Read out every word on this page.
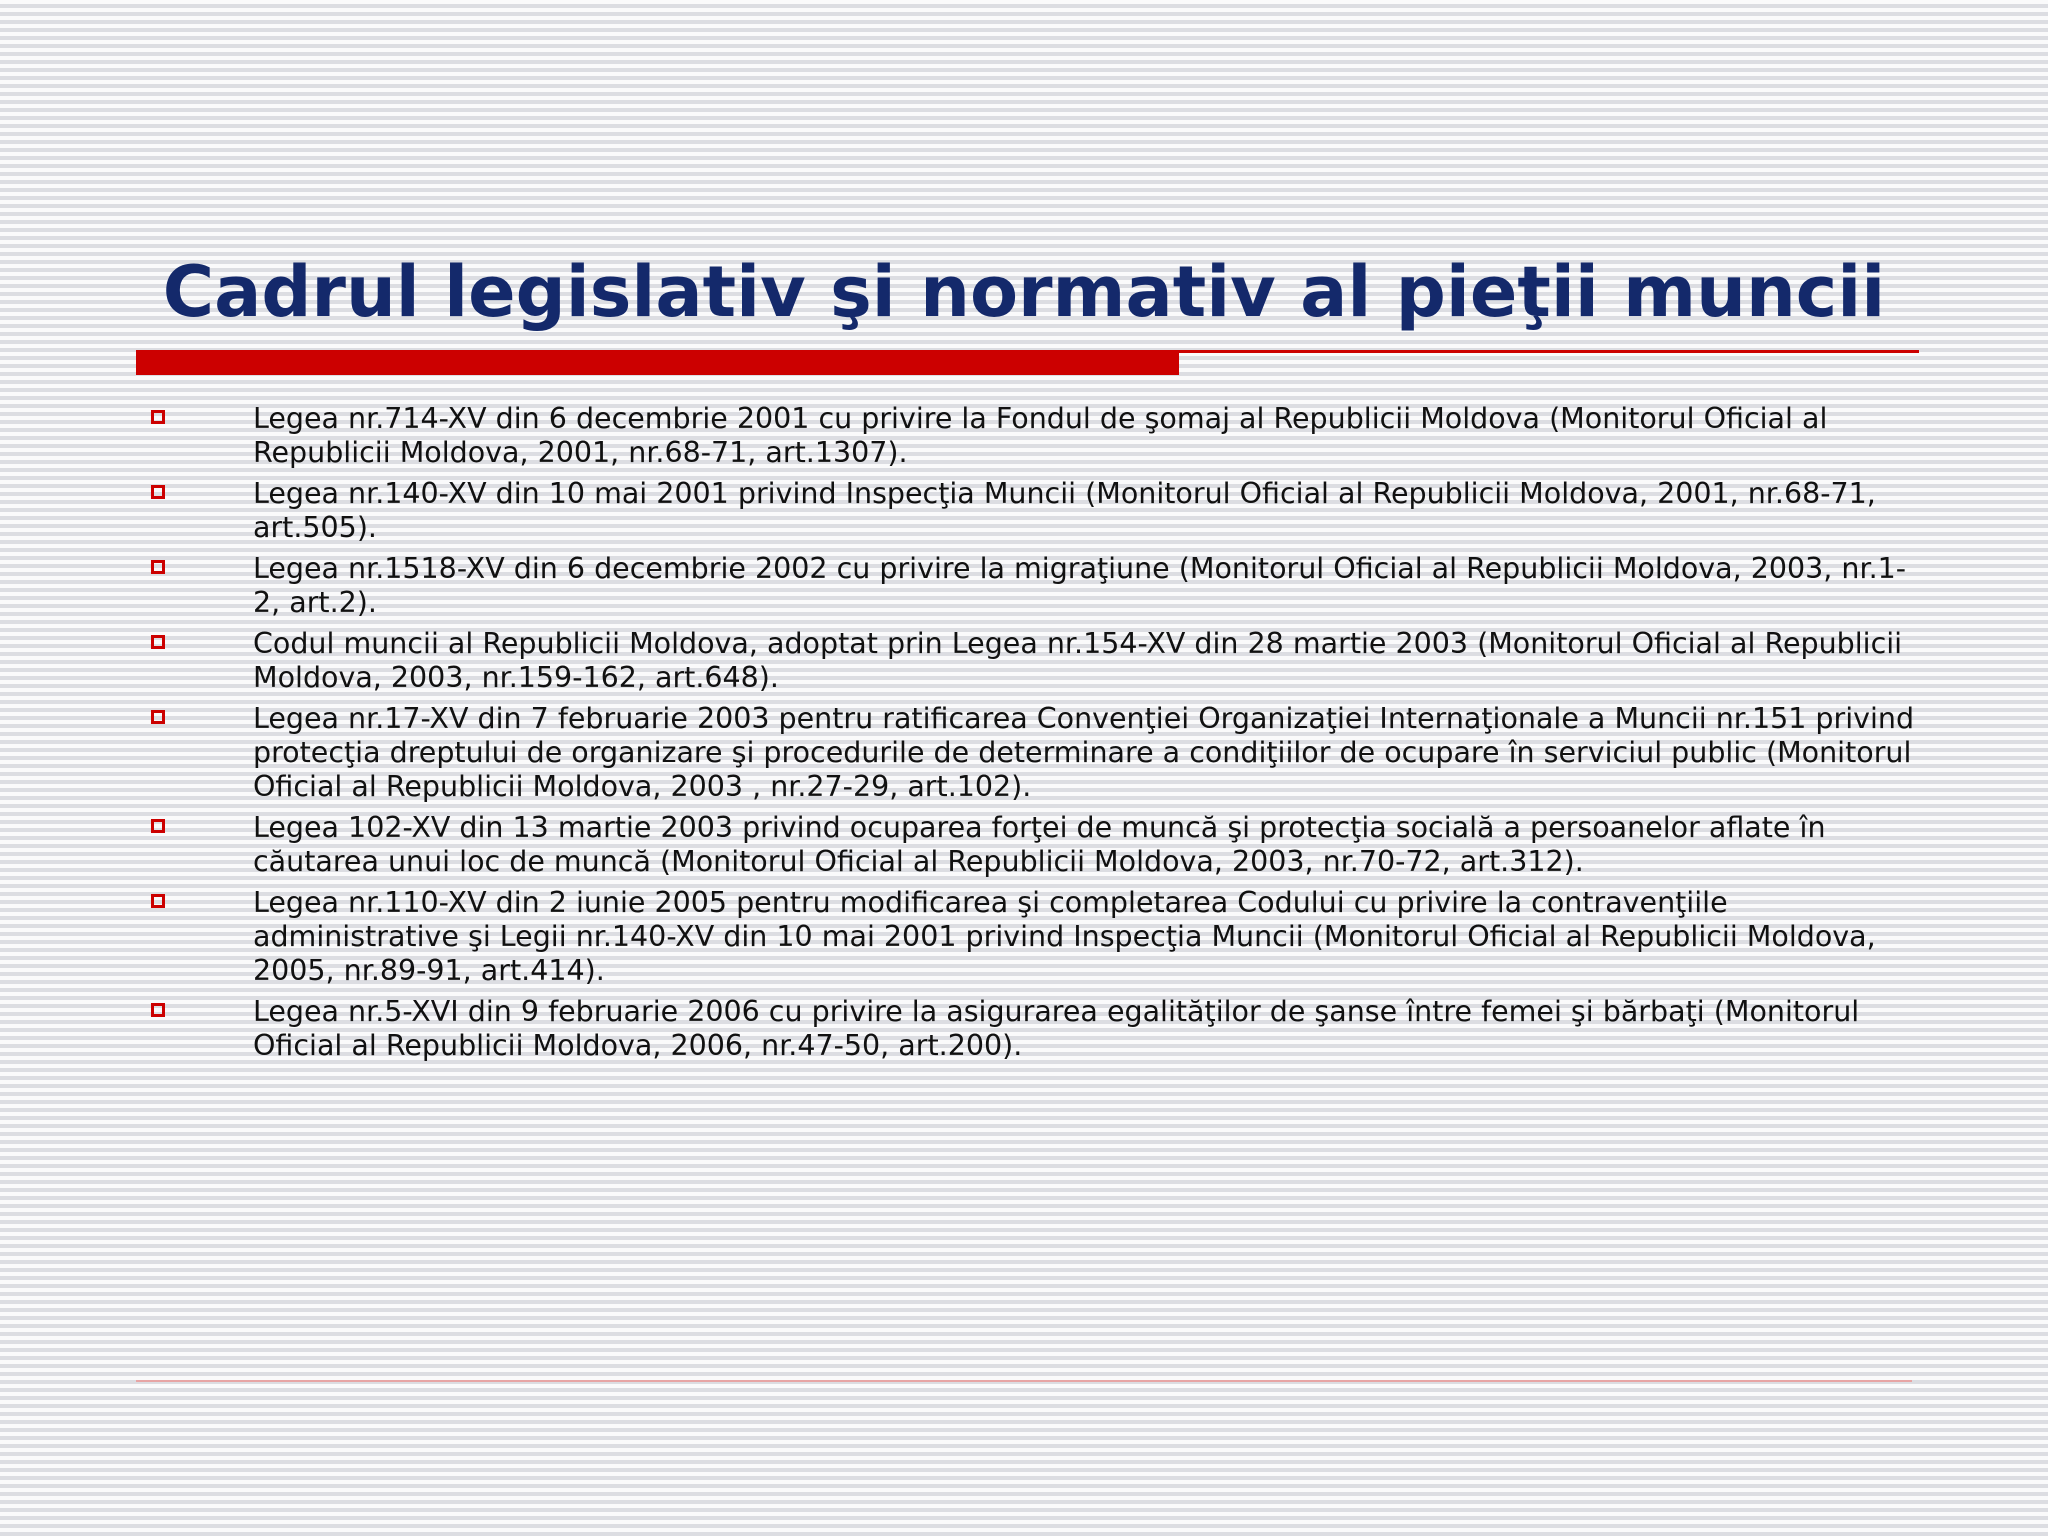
Cadrul legislativ şi normativ al pieţii muncii
Legea nr.714-XV din 6 decembrie 2001 cu privire la Fondul de şomaj al Republicii Moldova (Monitorul Oficial al Republicii Moldova, 2001, nr.68-71, art.1307).
Legea nr.140-XV din 10 mai 2001 privind Inspecţia Muncii (Monitorul Oficial al Republicii Moldova, 2001, nr.68-71, art.505).
Legea nr.1518-XV din 6 decembrie 2002 cu privire la migraţiune (Monitorul Oficial al Republicii Moldova, 2003, nr.1-2, art.2).
Codul muncii al Republicii Moldova, adoptat prin Legea nr.154-XV din 28 martie 2003 (Monitorul Oficial al Republicii Moldova, 2003, nr.159-162, art.648).
Legea nr.17-XV din 7 februarie 2003 pentru ratificarea Convenţiei Organizaţiei Internaţionale a Muncii nr.151 privind protecţia dreptului de organizare şi procedurile de determinare a condiţiilor de ocupare în serviciul public (Monitorul Oficial al Republicii Moldova, 2003 , nr.27-29, art.102).
Legea 102-XV din 13 martie 2003 privind ocuparea forţei de muncă şi protecţia socială a persoanelor aflate în căutarea unui loc de muncă (Monitorul Oficial al Republicii Moldova, 2003, nr.70-72, art.312).
Legea nr.110-XV din 2 iunie 2005 pentru modificarea şi completarea Codului cu privire la contravenţiile administrative şi Legii nr.140-XV din 10 mai 2001 privind Inspecţia Muncii (Monitorul Oficial al Republicii Moldova, 2005, nr.89-91, art.414).
Legea nr.5-XVI din 9 februarie 2006 cu privire la asigurarea egalităţilor de şanse între femei şi bărbaţi (Monitorul Oficial al Republicii Moldova, 2006, nr.47-50, art.200).
